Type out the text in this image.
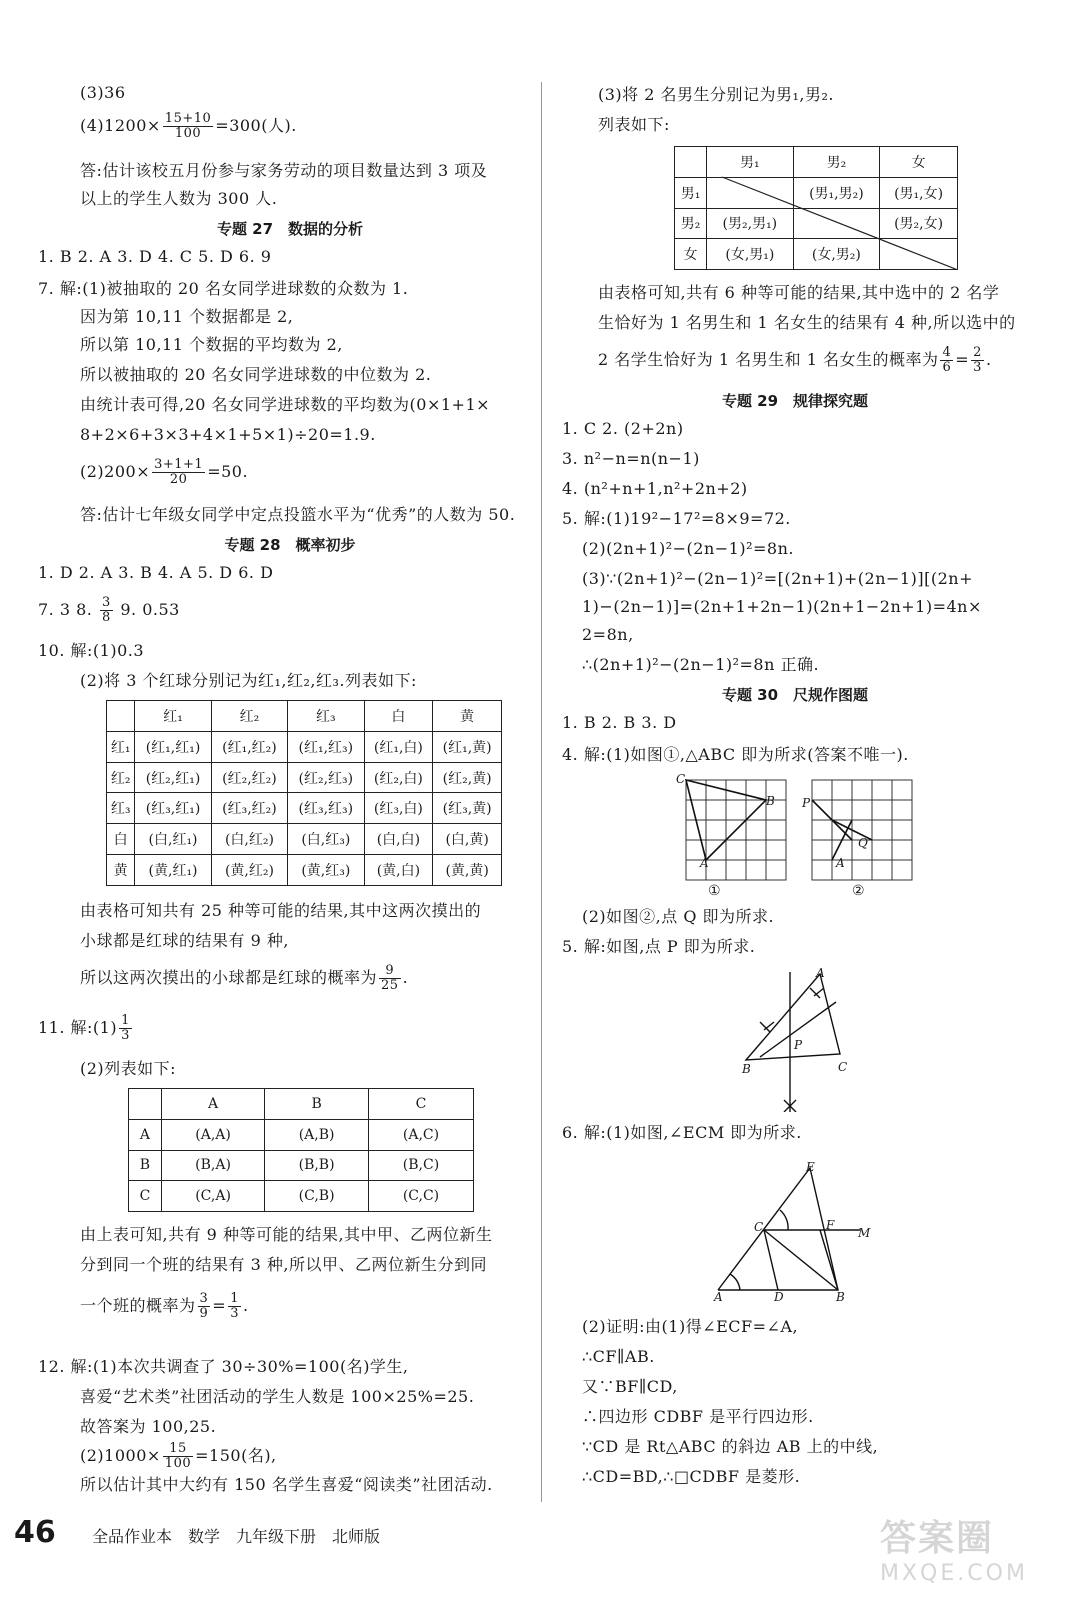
(3)36
$(4)1200\times \frac{15+10}{100} =300$(人).
答:估计该校五月份参与家务劳动的项目数量达到 3 项及
以上的学生人数为 300 人.
专题 27　数据的分析
1. B 2. A 3. D 4. C 5. D 6. 9
7. 解:(1)被抽取的 20 名女同学进球数的众数为 1.
因为第 10,11 个数据都是 2,
所以第 10,11 个数据的平均数为 2,
所以被抽取的 20 名女同学进球数的中位数为 2.
由统计表可得,20 名女同学进球数的平均数为(0×1+1×
8+2×6+3×3+4×1+5×1)÷20=1.9.
$(2)200\times \frac{3+1+1}{20} =50$.
答:估计七年级女同学中定点投篮水平为“优秀”的人数为 50.
专题 28　概率初步
1. D 2. A 3. B 4. A 5. D 6. D
7. 3 8. $\frac{3}{8} 9$. 0.53
10. 解:(1)0.3
(2)将 3 个红球分别记为红₁,红₂,红₃.列表如下:
	红₁	红₂	红₃	白	黄
红₁	(红₁,红₁)	(红₁,红₂)	(红₁,红₃)	(红₁,白)	(红₁,黄)
红₂	(红₂,红₁)	(红₂,红₂)	(红₂,红₃)	(红₂,白)	(红₂,黄)
红₃	(红₃,红₁)	(红₃,红₂)	(红₃,红₃)	(红₃,白)	(红₃,黄)
白	(白,红₁)	(白,红₂)	(白,红₃)	(白,白)	(白,黄)
黄	(黄,红₁)	(黄,红₂)	(黄,红₃)	(黄,白)	(黄,黄)
由表格可知共有 25 种等可能的结果,其中这两次摸出的
小球都是红球的结果有 9 种,
所以这两次摸出的小球都是红球的概率为 $\frac{9}{25}$ .
11. 解:(1) $\frac{1}{3}$
(2)列表如下:
	A	B	C
A	(A,A)	(A,B)	(A,C)
B	(B,A)	(B,B)	(B,C)
C	(C,A)	(C,B)	(C,C)
由上表可知,共有 9 种等可能的结果,其中甲、乙两位新生
分到同一个班的结果有 3 种,所以甲、乙两位新生分到同
一个班的概率为 $\frac{3}{9} = \frac{1}{3}$ .
12. 解:(1)本次共调查了 30÷30%=100(名)学生,
喜爱“艺术类”社团活动的学生人数是 100×25%=25.
故答案为 100,25.
$(2)1000\times \frac{15}{100} =150$(名),
所以估计其中大约有 150 名学生喜爱“阅读类”社团活动.
(3)将 2 名男生分别记为男₁,男₂.
列表如下:
	男₁	男₂	女
男₁		(男₁,男₂)	(男₁,女)
男₂	(男₂,男₁)		(男₂,女)
女	(女,男₁)	(女,男₂)	
由表格可知,共有 6 种等可能的结果,其中选中的 2 名学
生恰好为 1 名男生和 1 名女生的结果有 4 种,所以选中的
2 名学生恰好为 1 名男生和 1 名女生的概率为 $\frac{4}{6} = \frac{2}{3}$ .
专题 29　规律探究题
1. C 2. (2+2n)
3. n²−n=n(n−1)
4. (n²+n+1,n²+2n+2)
5. 解:(1)19²−17²=8×9=72.
(2)(2n+1)²−(2n−1)²=8n.
(3)∵(2n+1)²−(2n−1)²=[(2n+1)+(2n−1)][(2n+
1)−(2n−1)]=(2n+1+2n−1)(2n+1−2n+1)=4n×
2=8n,
∴(2n+1)²−(2n−1)²=8n 正确.
专题 30　尺规作图题
1. B 2. B 3. D
4. 解:(1)如图①,△ABC 即为所求(答案不唯一).
C
B
A
①
P
Q
A
②
(2)如图②,点 Q 即为所求.
5. 解:如图,点 P 即为所求.
A
B	C
P
6. 解:(1)如图,∠ECM 即为所求.
E
C	F
M
A	D	B
(2)证明:由(1)得∠ECF=∠A,
∴CF∥AB.
又∵BF∥CD,
∴四边形 CDBF 是平行四边形.
∵CD 是 Rt△ABC 的斜边 AB 上的中线,
∴CD=BD,∴□CDBF 是菱形.
46 全品作业本　数学　九年级下册　北师版	答案圈
MXQE.COM
